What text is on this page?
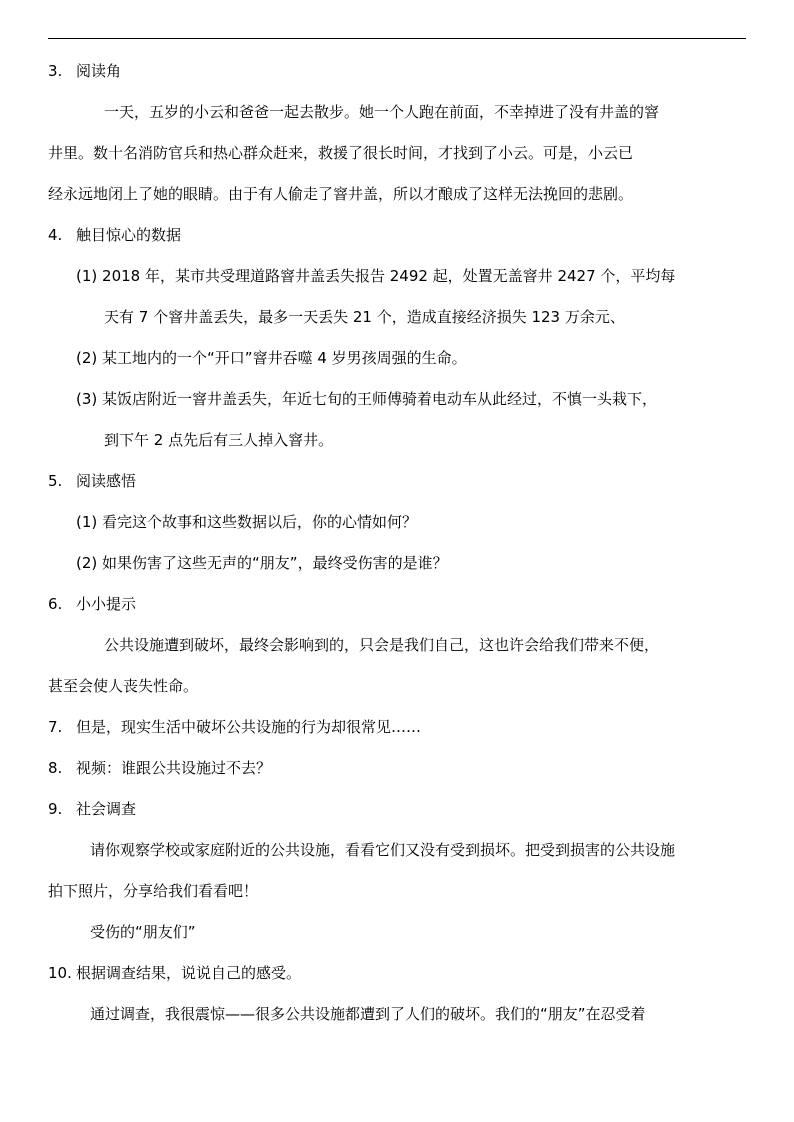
3. 阅读角
一天，五岁的小云和爸爸一起去散步。她一个人跑在前面，不幸掉进了没有井盖的窨
井里。数十名消防官兵和热心群众赶来，救援了很长时间，才找到了小云。可是，小云已
经永远地闭上了她的眼睛。由于有人偷走了窨井盖，所以才酿成了这样无法挽回的悲剧。
4. 触目惊心的数据
(1) 2018 年，某市共受理道路窨井盖丢失报告 2492 起，处置无盖窨井 2427 个，平均每
天有 7 个窨井盖丢失，最多一天丢失 21 个，造成直接经济损失 123 万余元、
(2) 某工地内的一个“开口”窨井吞噬 4 岁男孩周强的生命。
(3) 某饭店附近一窨井盖丢失，年近七旬的王师傅骑着电动车从此经过，不慎一头栽下，
到下午 2 点先后有三人掉入窨井。
5. 阅读感悟
(1) 看完这个故事和这些数据以后，你的心情如何？
(2) 如果伤害了这些无声的“朋友”，最终受伤害的是谁？
6. 小小提示
公共设施遭到破坏，最终会影响到的，只会是我们自己，这也许会给我们带来不便，
甚至会使人丧失性命。
7. 但是，现实生活中破坏公共设施的行为却很常见……
8. 视频：谁跟公共设施过不去？
9. 社会调查
请你观察学校或家庭附近的公共设施，看看它们又没有受到损坏。把受到损害的公共设施
拍下照片，分享给我们看看吧！
受伤的“朋友们”
10. 根据调查结果，说说自己的感受。
通过调查，我很震惊——很多公共设施都遭到了人们的破坏。我们的“朋友”在忍受着
